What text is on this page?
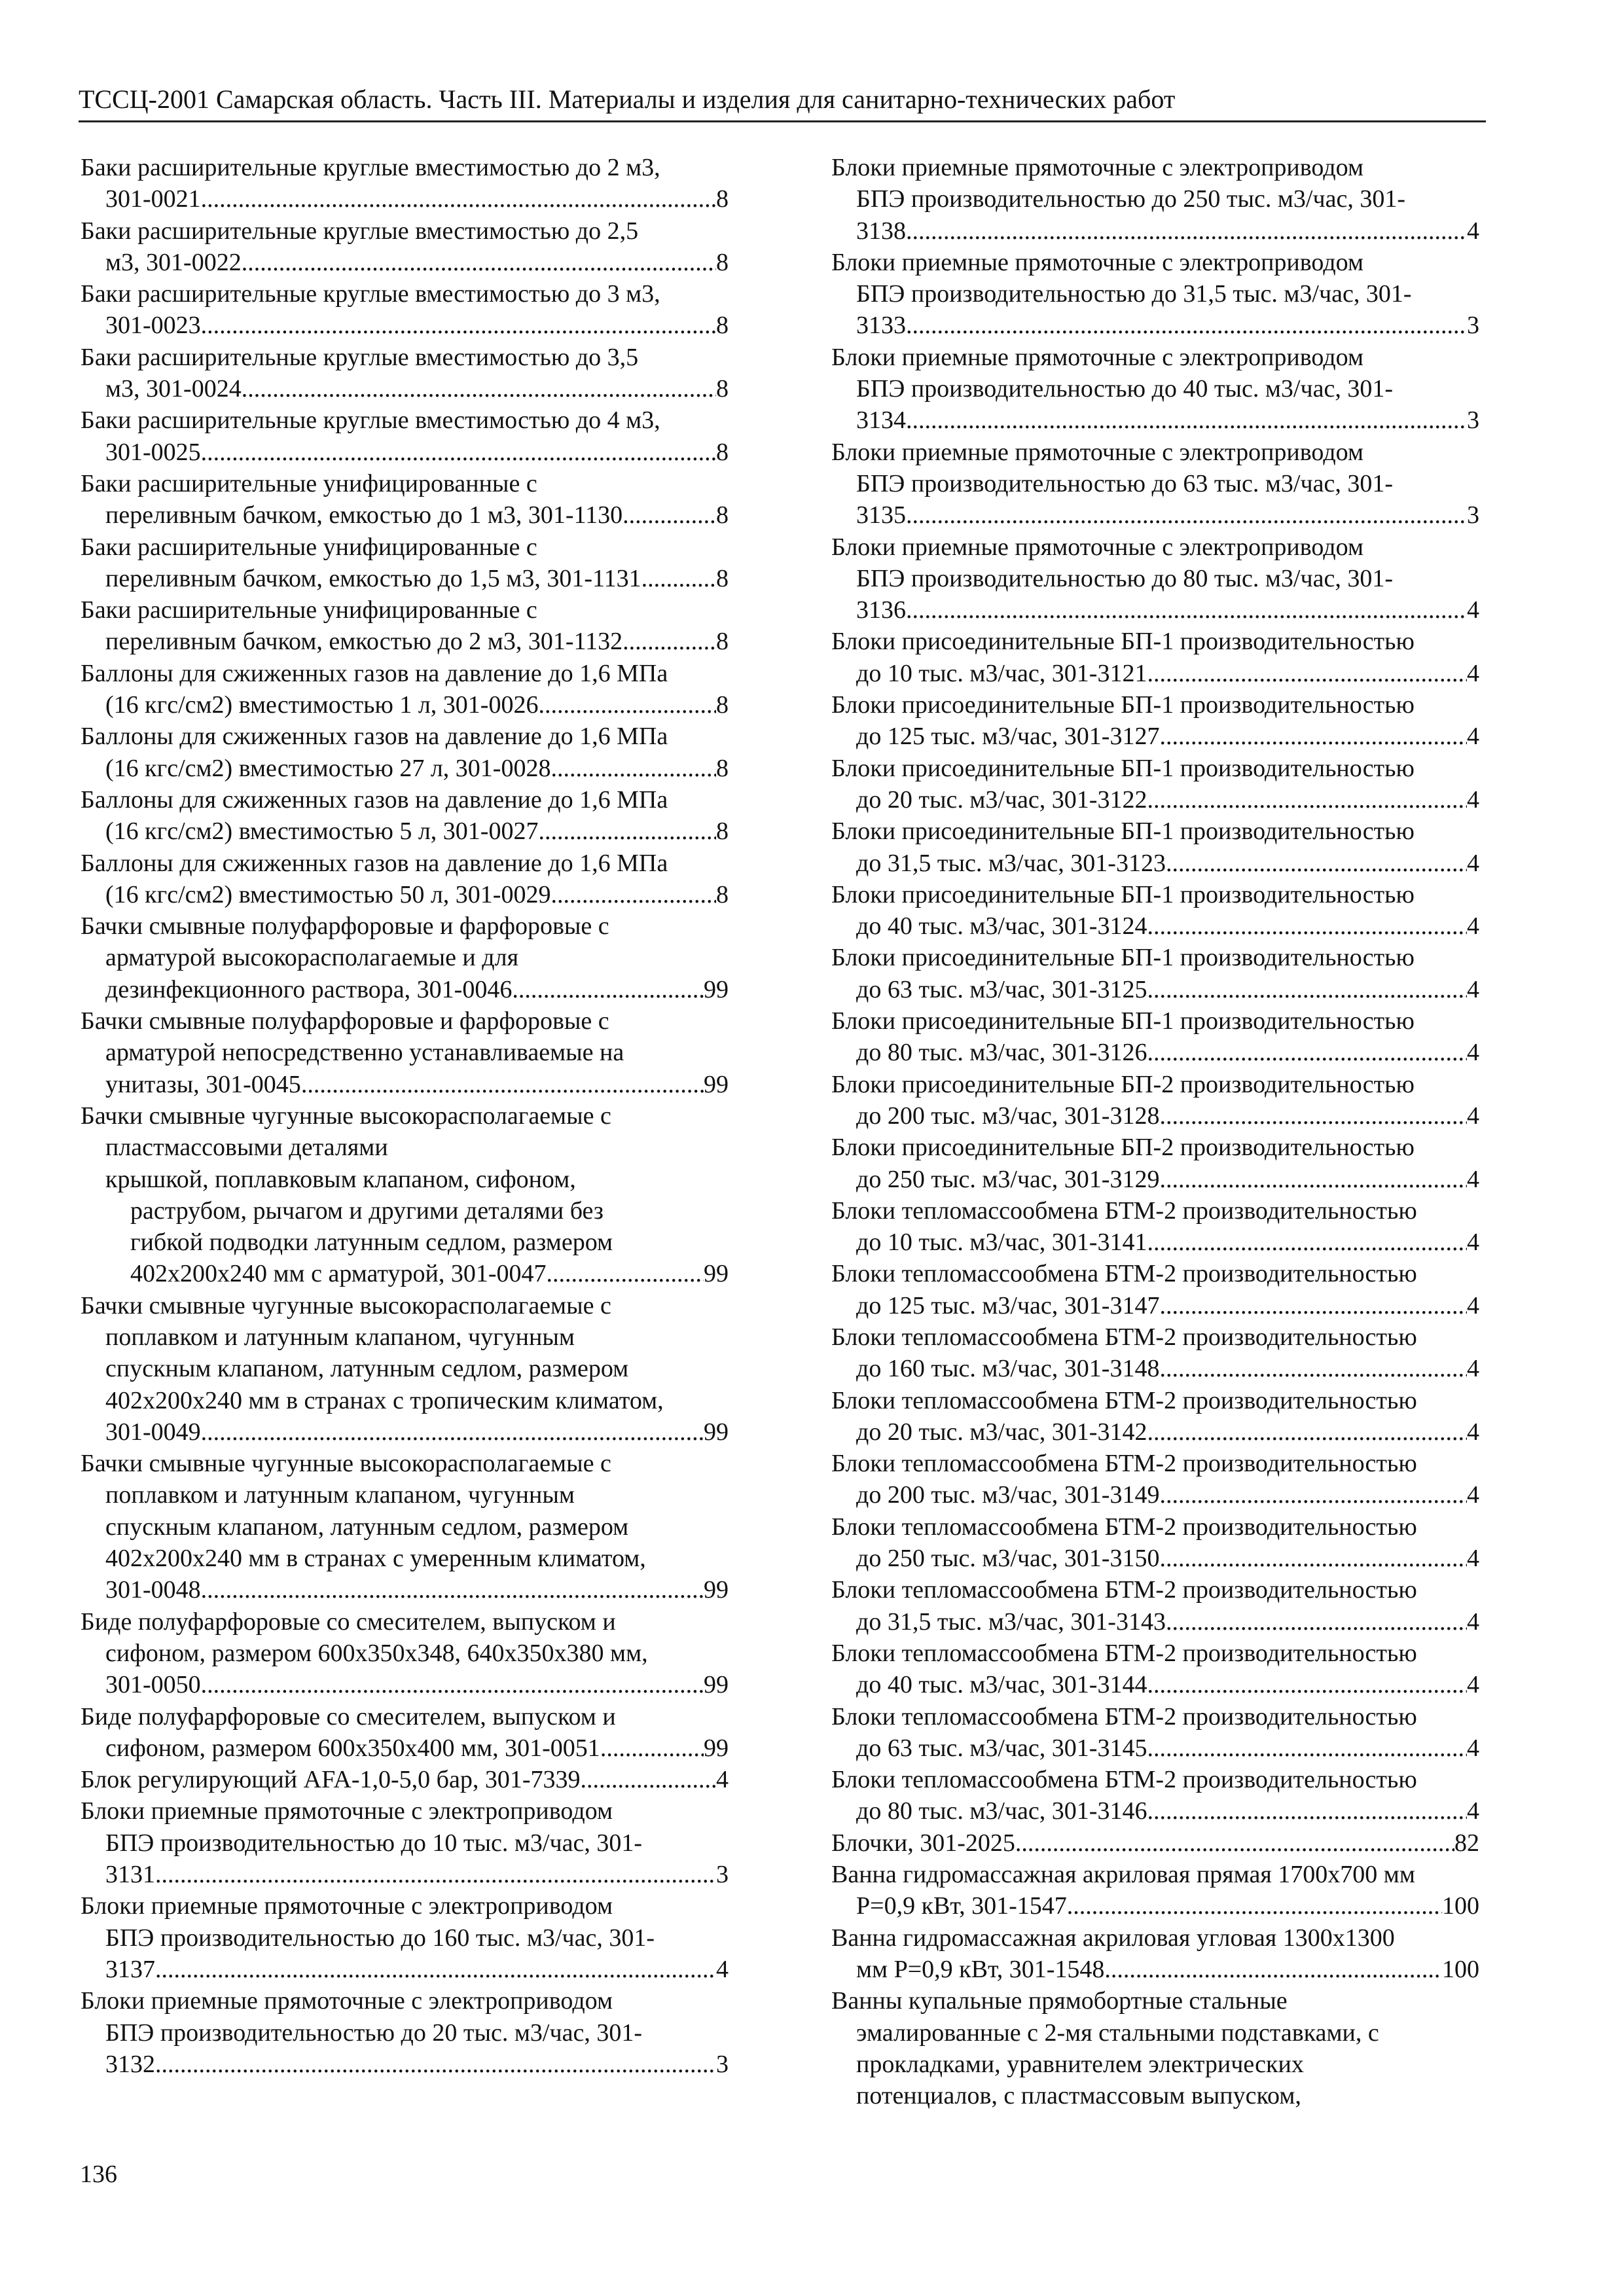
ТССЦ-2001 Самарская область. Часть III. Материалы и изделия для санитарно-технических работ
Баки расширительные круглые вместимостью до 2 м3,
301-0021 .....	8
Баки расширительные круглые вместимостью до 2,5
м3, 301-0022 .....	8
Баки расширительные круглые вместимостью до 3 м3,
301-0023 .....	8
Баки расширительные круглые вместимостью до 3,5
м3, 301-0024 .....	8
Баки расширительные круглые вместимостью до 4 м3,
301-0025 .....	8
Баки расширительные унифицированные с
переливным бачком, емкостью до 1 м3, 301-1130 .....	8
Баки расширительные унифицированные с
переливным бачком, емкостью до 1,5 м3, 301-1131 .....	8
Баки расширительные унифицированные с
переливным бачком, емкостью до 2 м3, 301-1132 .....	8
Баллоны для сжиженных газов на давление до 1,6 МПа
(16 кгс/см2) вместимостью 1 л, 301-0026 .....	8
Баллоны для сжиженных газов на давление до 1,6 МПа
(16 кгс/см2) вместимостью 27 л, 301-0028 .....	8
Баллоны для сжиженных газов на давление до 1,6 МПа
(16 кгс/см2) вместимостью 5 л, 301-0027 .....	8
Баллоны для сжиженных газов на давление до 1,6 МПа
(16 кгс/см2) вместимостью 50 л, 301-0029 .....	8
Бачки смывные полуфарфоровые и фарфоровые с
арматурой высокорасполагаемые и для
дезинфекционного раствора, 301-0046 .....	99
Бачки смывные полуфарфоровые и фарфоровые с
арматурой непосредственно устанавливаемые на
унитазы, 301-0045 .....	99
Бачки смывные чугунные высокорасполагаемые с
пластмассовыми деталями
крышкой, поплавковым клапаном, сифоном,
раструбом, рычагом и другими деталями без
гибкой подводки латунным седлом, размером
402x200x240 мм с арматурой, 301-0047 .....	99
Бачки смывные чугунные высокорасполагаемые с
поплавком и латунным клапаном, чугунным
спускным клапаном, латунным седлом, размером
402x200x240 мм в странах с тропическим климатом,
301-0049 .....	99
Бачки смывные чугунные высокорасполагаемые с
поплавком и латунным клапаном, чугунным
спускным клапаном, латунным седлом, размером
402x200x240 мм в странах с умеренным климатом,
301-0048 .....	99
Биде полуфарфоровые со смесителем, выпуском и
сифоном, размером 600x350x348, 640x350x380 мм,
301-0050 .....	99
Биде полуфарфоровые со смесителем, выпуском и
сифоном, размером 600x350x400 мм, 301-0051 .....	99
Блок регулирующий AFA-1,0-5,0 бар, 301-7339 .....	4
Блоки приемные прямоточные с электроприводом
БПЭ производительностью до 10 тыс. м3/час, 301-
3131 .....	3
Блоки приемные прямоточные с электроприводом
БПЭ производительностью до 160 тыс. м3/час, 301-
3137 .....	4
Блоки приемные прямоточные с электроприводом
БПЭ производительностью до 20 тыс. м3/час, 301-
3132 .....	3
Блоки приемные прямоточные с электроприводом
БПЭ производительностью до 250 тыс. м3/час, 301-
3138 .....	4
Блоки приемные прямоточные с электроприводом
БПЭ производительностью до 31,5 тыс. м3/час, 301-
3133 .....	3
Блоки приемные прямоточные с электроприводом
БПЭ производительностью до 40 тыс. м3/час, 301-
3134 .....	3
Блоки приемные прямоточные с электроприводом
БПЭ производительностью до 63 тыс. м3/час, 301-
3135 .....	3
Блоки приемные прямоточные с электроприводом
БПЭ производительностью до 80 тыс. м3/час, 301-
3136 .....	4
Блоки присоединительные БП-1 производительностью
до 10 тыс. м3/час, 301-3121 .....	4
Блоки присоединительные БП-1 производительностью
до 125 тыс. м3/час, 301-3127 .....	4
Блоки присоединительные БП-1 производительностью
до 20 тыс. м3/час, 301-3122 .....	4
Блоки присоединительные БП-1 производительностью
до 31,5 тыс. м3/час, 301-3123 .....	4
Блоки присоединительные БП-1 производительностью
до 40 тыс. м3/час, 301-3124 .....	4
Блоки присоединительные БП-1 производительностью
до 63 тыс. м3/час, 301-3125 .....	4
Блоки присоединительные БП-1 производительностью
до 80 тыс. м3/час, 301-3126 .....	4
Блоки присоединительные БП-2 производительностью
до 200 тыс. м3/час, 301-3128 .....	4
Блоки присоединительные БП-2 производительностью
до 250 тыс. м3/час, 301-3129 .....	4
Блоки тепломассообмена БТМ-2 производительностью
до 10 тыс. м3/час, 301-3141 .....	4
Блоки тепломассообмена БТМ-2 производительностью
до 125 тыс. м3/час, 301-3147 .....	4
Блоки тепломассообмена БТМ-2 производительностью
до 160 тыс. м3/час, 301-3148 .....	4
Блоки тепломассообмена БТМ-2 производительностью
до 20 тыс. м3/час, 301-3142 .....	4
Блоки тепломассообмена БТМ-2 производительностью
до 200 тыс. м3/час, 301-3149 .....	4
Блоки тепломассообмена БТМ-2 производительностью
до 250 тыс. м3/час, 301-3150 .....	4
Блоки тепломассообмена БТМ-2 производительностью
до 31,5 тыс. м3/час, 301-3143 .....	4
Блоки тепломассообмена БТМ-2 производительностью
до 40 тыс. м3/час, 301-3144 .....	4
Блоки тепломассообмена БТМ-2 производительностью
до 63 тыс. м3/час, 301-3145 .....	4
Блоки тепломассообмена БТМ-2 производительностью
до 80 тыс. м3/час, 301-3146 .....	4
Блочки, 301-2025 .....	82
Ванна гидромассажная акриловая прямая 1700x700 мм
P=0,9 кВт, 301-1547 .....	100
Ванна гидромассажная акриловая угловая 1300x1300
мм P=0,9 кВт, 301-1548 .....	100
Ванны купальные прямобортные стальные
эмалированные с 2-мя стальными подставками, с
прокладками, уравнителем электрических
потенциалов, с пластмассовым выпуском,
136
